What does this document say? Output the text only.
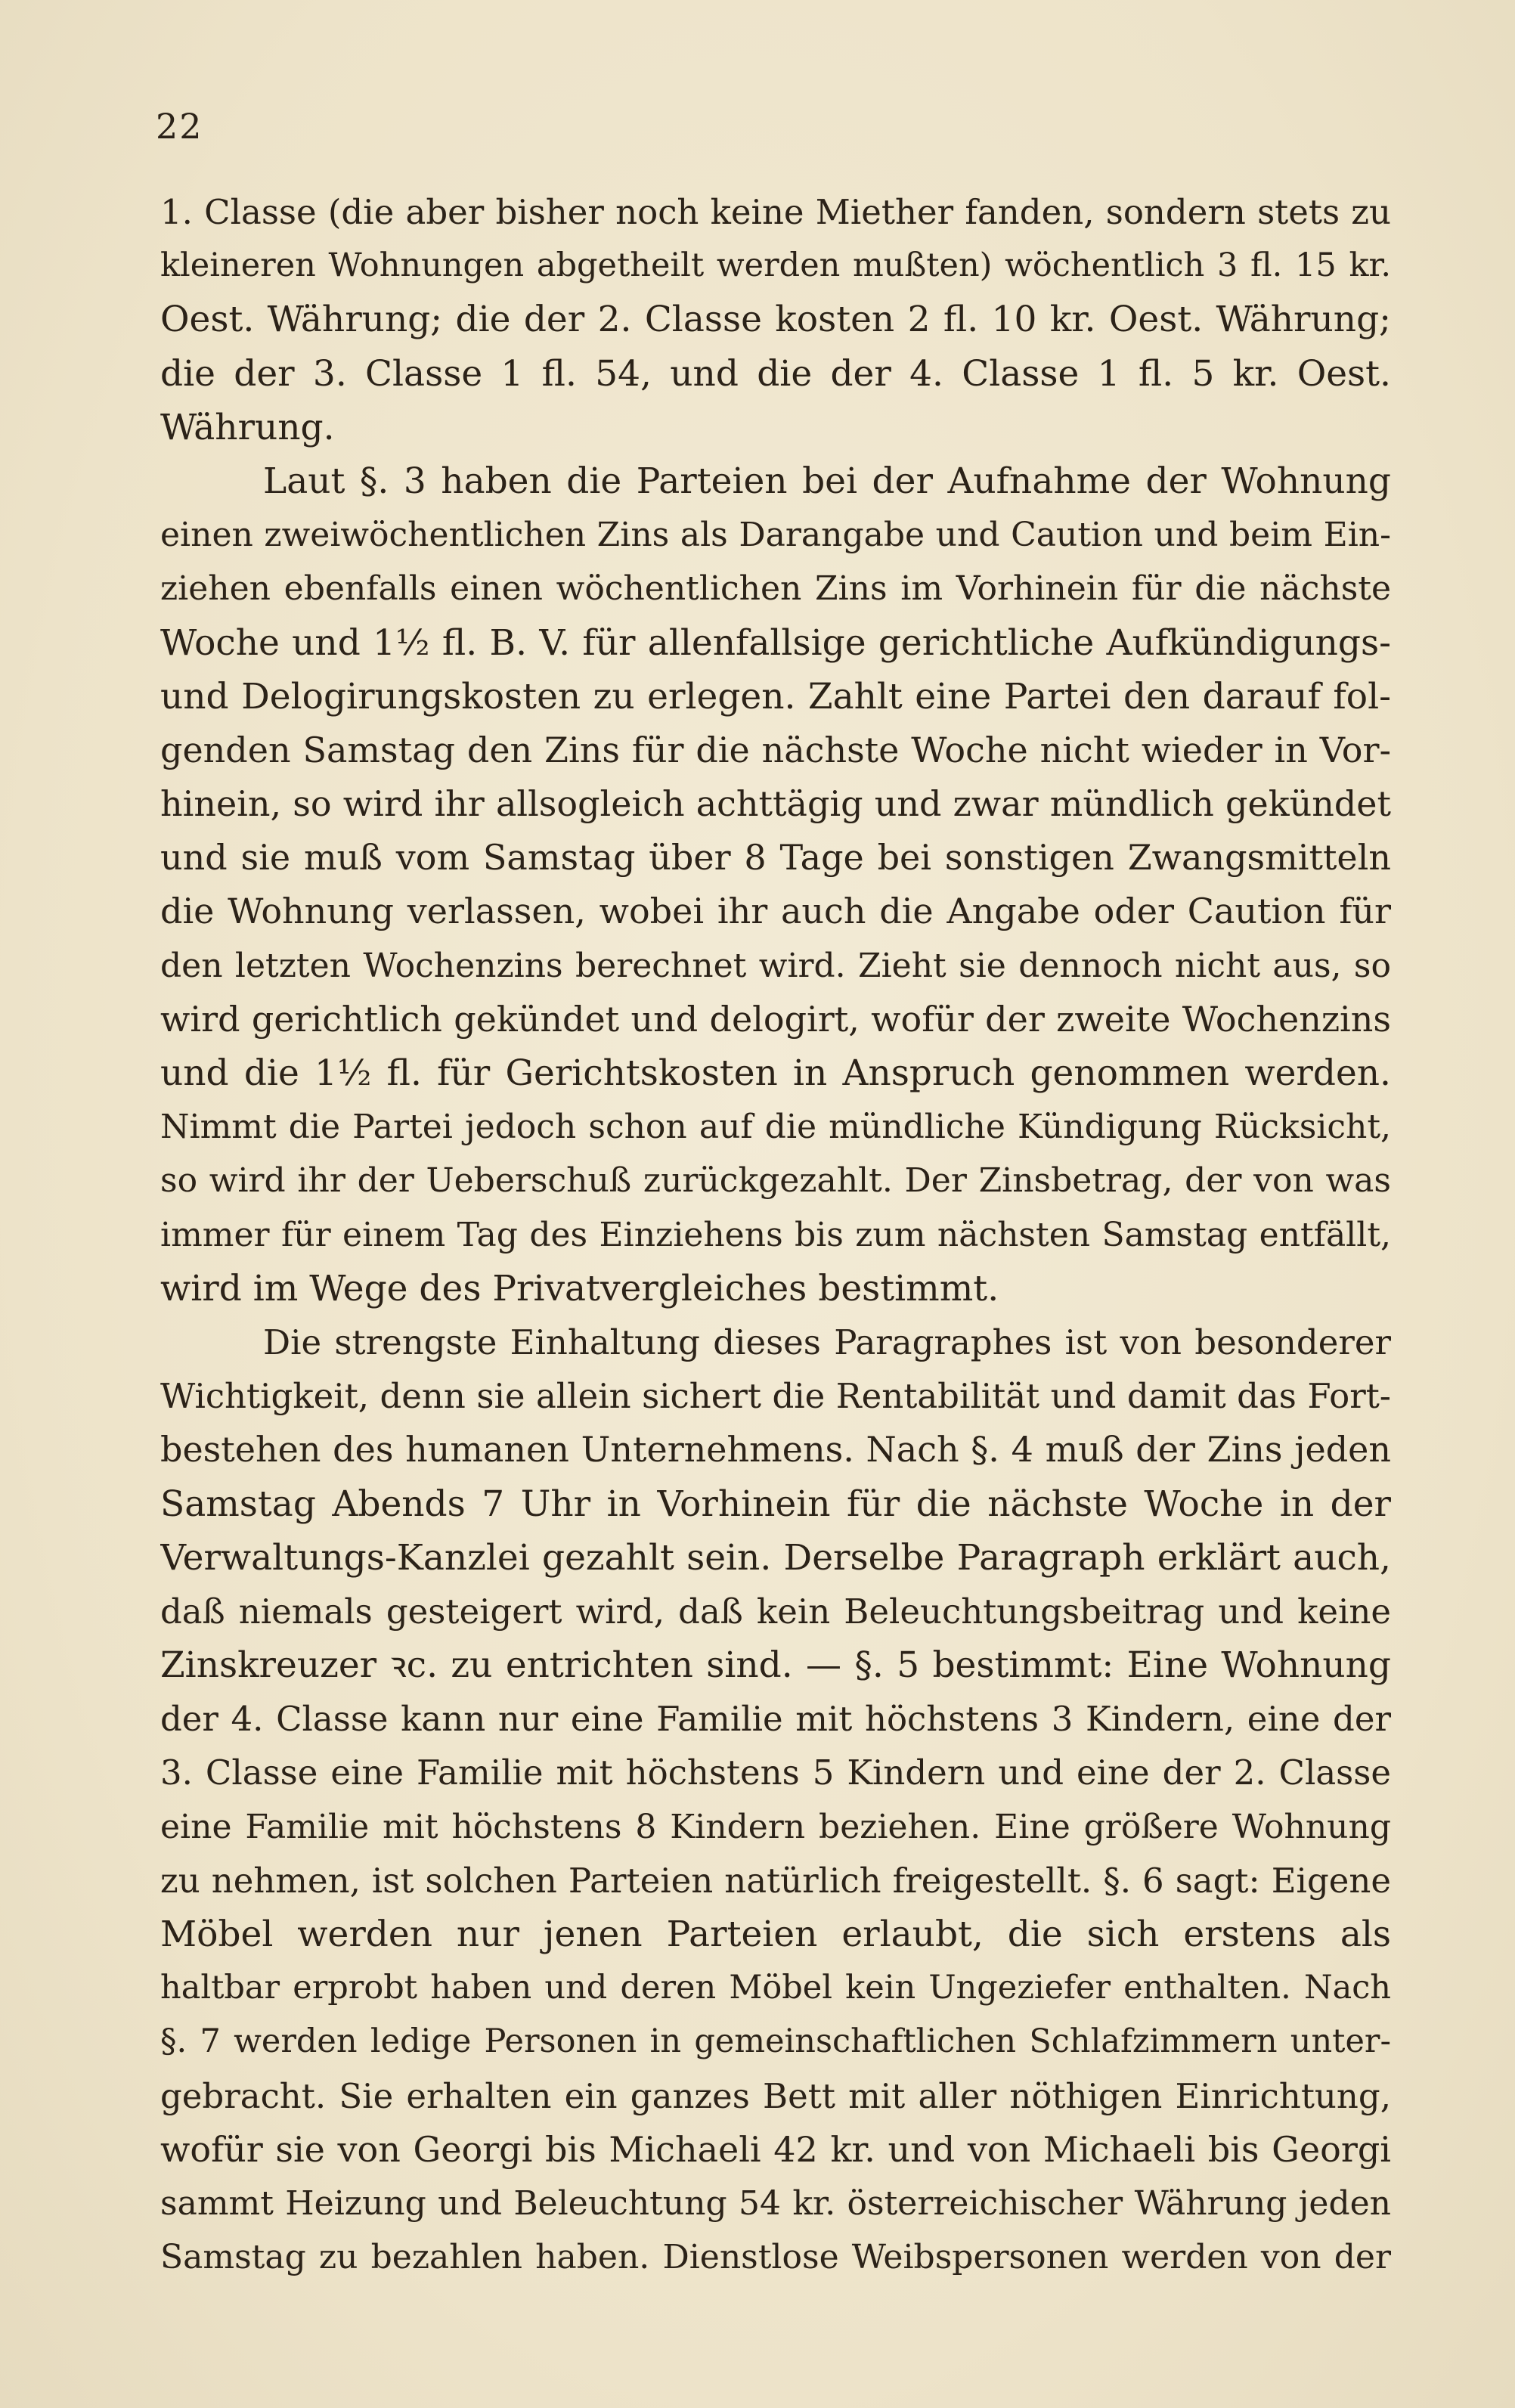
22
1. Classe (die aber bisher noch keine Miether fanden, sondern stets zu
kleineren Wohnungen abgetheilt werden mußten) wöchentlich 3 fl. 15 kr.
Oest. Währung; die der 2. Classe kosten 2 fl. 10 kr. Oest. Währung;
die der 3. Classe 1 fl. 54, und die der 4. Classe 1 fl. 5 kr. Oest.
Währung.
Laut §. 3 haben die Parteien bei der Aufnahme der Wohnung
einen zweiwöchentlichen Zins als Darangabe und Caution und beim Ein-
ziehen ebenfalls einen wöchentlichen Zins im Vorhinein für die nächste
Woche und 1½ fl. B. V. für allenfallsige gerichtliche Aufkündigungs-
und Delogirungskosten zu erlegen. Zahlt eine Partei den darauf fol-
genden Samstag den Zins für die nächste Woche nicht wieder in Vor-
hinein, so wird ihr allsogleich achttägig und zwar mündlich gekündet
und sie muß vom Samstag über 8 Tage bei sonstigen Zwangsmitteln
die Wohnung verlassen, wobei ihr auch die Angabe oder Caution für
den letzten Wochenzins berechnet wird. Zieht sie dennoch nicht aus, so
wird gerichtlich gekündet und delogirt, wofür der zweite Wochenzins
und die 1½ fl. für Gerichtskosten in Anspruch genommen werden.
Nimmt die Partei jedoch schon auf die mündliche Kündigung Rücksicht,
so wird ihr der Ueberschuß zurückgezahlt. Der Zinsbetrag, der von was
immer für einem Tag des Einziehens bis zum nächsten Samstag entfällt,
wird im Wege des Privatvergleiches bestimmt.
Die strengste Einhaltung dieses Paragraphes ist von besonderer
Wichtigkeit, denn sie allein sichert die Rentabilität und damit das Fort-
bestehen des humanen Unternehmens. Nach §. 4 muß der Zins jeden
Samstag Abends 7 Uhr in Vorhinein für die nächste Woche in der
Verwaltungs-Kanzlei gezahlt sein. Derselbe Paragraph erklärt auch,
daß niemals gesteigert wird, daß kein Beleuchtungsbeitrag und keine
Zinskreuzer ꝛc. zu entrichten sind. — §. 5 bestimmt: Eine Wohnung
der 4. Classe kann nur eine Familie mit höchstens 3 Kindern, eine der
3. Classe eine Familie mit höchstens 5 Kindern und eine der 2. Classe
eine Familie mit höchstens 8 Kindern beziehen. Eine größere Wohnung
zu nehmen, ist solchen Parteien natürlich freigestellt. §. 6 sagt: Eigene
Möbel werden nur jenen Parteien erlaubt, die sich erstens als
haltbar erprobt haben und deren Möbel kein Ungeziefer enthalten. Nach
§. 7 werden ledige Personen in gemeinschaftlichen Schlafzimmern unter-
gebracht. Sie erhalten ein ganzes Bett mit aller nöthigen Einrichtung,
wofür sie von Georgi bis Michaeli 42 kr. und von Michaeli bis Georgi
sammt Heizung und Beleuchtung 54 kr. österreichischer Währung jeden
Samstag zu bezahlen haben. Dienstlose Weibspersonen werden von der
